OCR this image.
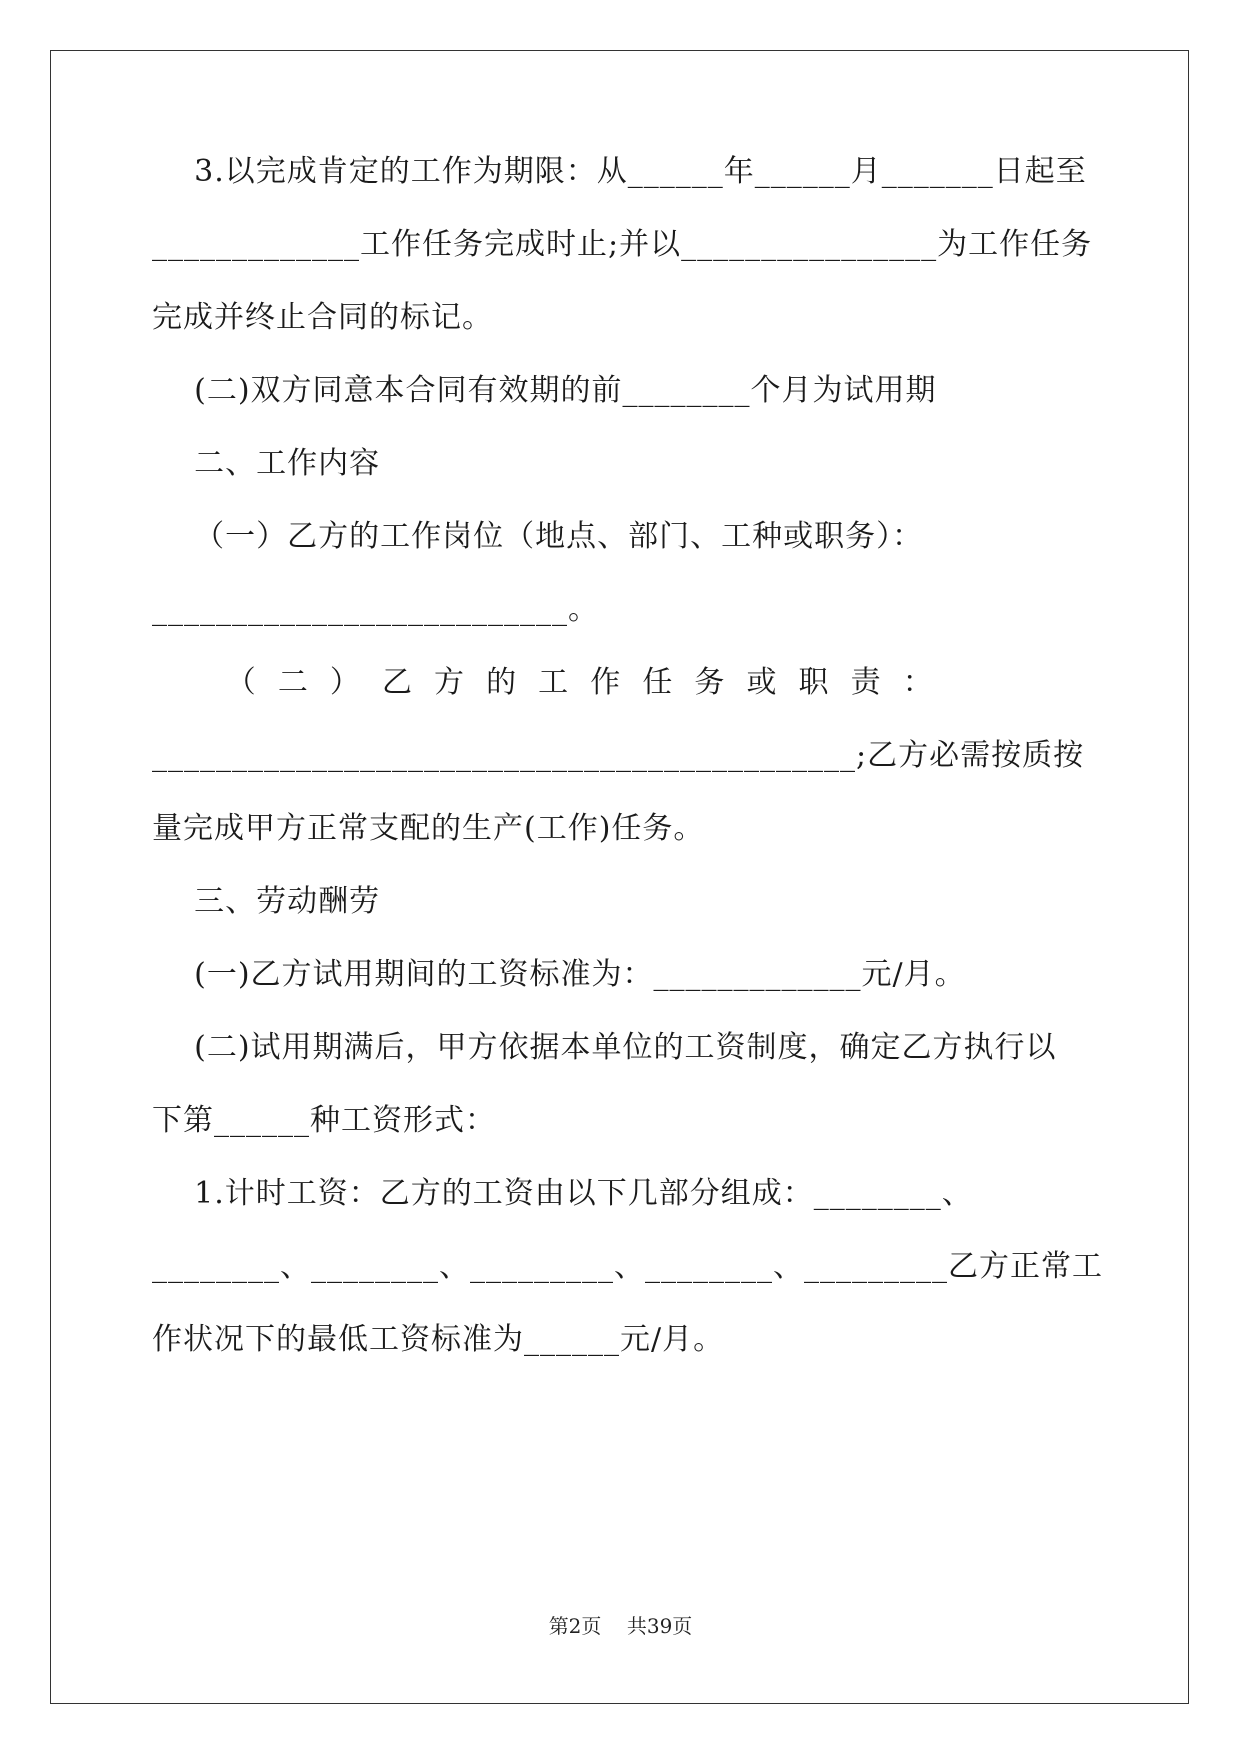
3.以完成肯定的工作为期限：从______年______月_______日起至
_____________工作任务完成时止;并以________________为工作任务
完成并终止合同的标记。
(二)双方同意本合同有效期的前________个月为试用期
二、工作内容
（一）乙方的工作岗位（地点、部门、工种或职务）：
__________________________。
（  二  ）  乙  方  的  工  作  任  务  或  职  责  ：
____________________________________________;乙方必需按质按
量完成甲方正常支配的生产(工作)任务。
三、劳动酬劳
(一)乙方试用期间的工资标准为：_____________元/月。
(二)试用期满后，甲方依据本单位的工资制度，确定乙方执行以
下第______种工资形式：
1.计时工资：乙方的工资由以下几部分组成：________、
________、________、_________、________、_________乙方正常工
作状况下的最低工资标准为______元/月。
第2页    共39页
